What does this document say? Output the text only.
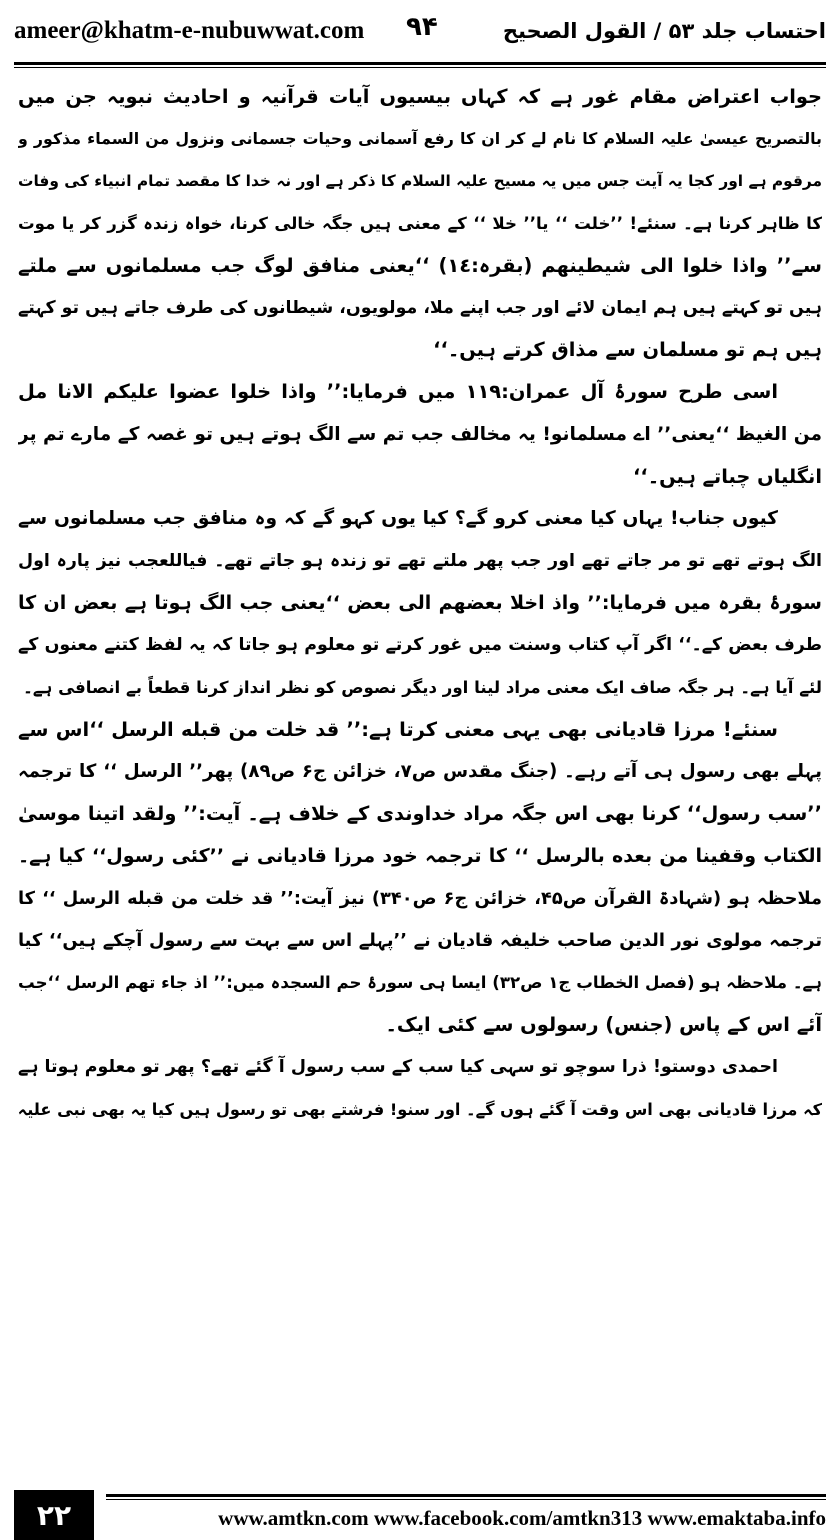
ameer@khatm-e-nubuwwat.com	احتساب جلد ۵۳ / القول الصحیح
۹۴
جواب اعتراض مقام غور ہے کہ کہاں بیسیوں آیات قرآنیہ و احادیث نبویہ جن میں
بالتصریح عیسیٰ علیہ السلام کا نام لے کر ان کا رفع آسمانی وحیات جسمانی ونزول من السماء مذکور و
مرقوم ہے اور کجا یہ آیت جس میں یہ مسیح علیہ السلام کا ذکر ہے اور نہ خدا کا مقصد تمام انبیاء کی وفات
کا ظاہر کرنا ہے۔ سنئے! ’’خلت ‘‘ یا’’ خلا ‘‘ کے معنی ہیں جگہ خالی کرنا، خواہ زندہ گزر کر یا موت
سے’’ واذا خلوا الی شیطینھم (بقرہ:۱٤) ‘‘یعنی منافق لوگ جب مسلمانوں سے ملتے
ہیں تو کہتے ہیں ہم ایمان لائے اور جب اپنے ملا، مولویوں، شیطانوں کی طرف جاتے ہیں تو کہتے
ہیں ہم تو مسلمان سے مذاق کرتے ہیں۔‘‘
اسی طرح سورۂ آل عمران:۱۱۹ میں فرمایا:’’ واذا خلوا عضوا علیکم الانا مل
من الغیظ ‘‘یعنی’’ اے مسلمانو! یہ مخالف جب تم سے الگ ہوتے ہیں تو غصہ کے مارے تم پر
انگلیاں چباتے ہیں۔‘‘
کیوں جناب! یہاں کیا معنی کرو گے؟ کیا یوں کہو گے کہ وہ منافق جب مسلمانوں سے
الگ ہوتے تھے تو مر جاتے تھے اور جب پھر ملتے تھے تو زندہ ہو جاتے تھے۔ فیاللعجب نیز پارہ اول
سورۂ بقرہ میں فرمایا:’’ واذ اخلا بعضھم الی بعض ‘‘یعنی جب الگ ہوتا ہے بعض ان کا
طرف بعض کے۔‘‘ اگر آپ کتاب وسنت میں غور کرتے تو معلوم ہو جاتا کہ یہ لفظ کتنے معنوں کے
لئے آیا ہے۔ ہر جگہ صاف ایک معنی مراد لینا اور دیگر نصوص کو نظر انداز کرنا قطعاً بے انصافی ہے۔
سنئے! مرزا قادیانی بھی یہی معنی کرتا ہے:’’ قد خلت من قبله الرسل ‘‘اس سے
پہلے بھی رسول ہی آتے رہے۔ (جنگ مقدس ص۷، خزائن ج۶ ص۸۹) پھر’’ الرسل ‘‘ کا ترجمہ
’’سب رسول‘‘ کرنا بھی اس جگہ مراد خداوندی کے خلاف ہے۔ آیت:’’ ولقد اتینا موسیٰ
الکتاب وقفینا من بعده بالرسل ‘‘ کا ترجمہ خود مرزا قادیانی نے ’’کئی رسول‘‘ کیا ہے۔
ملاحظہ ہو (شہادۃ القرآن ص۴۵، خزائن ج۶ ص۳۴۰) نیز آیت:’’ قد خلت من قبله الرسل ‘‘ کا
ترجمہ مولوی نور الدین صاحب خلیفہ قادیان نے ’’پہلے اس سے بہت سے رسول آچکے ہیں‘‘ کیا
ہے۔ ملاحظہ ہو (فصل الخطاب ج۱ ص۳۲) ایسا ہی سورۂ حم السجدہ میں:’’ اذ جاء تھم الرسل ‘‘جب
آئے اس کے پاس (جنس) رسولوں سے کئی ایک۔
احمدی دوستو! ذرا سوچو تو سہی کیا سب کے سب رسول آ گئے تھے؟ پھر تو معلوم ہوتا ہے
کہ مرزا قادیانی بھی اس وقت آ گئے ہوں گے۔ اور سنو! فرشتے بھی تو رسول ہیں کیا یہ بھی نبی علیہ
۲۲	www.amtkn.com www.facebook.com/amtkn313 www.emaktaba.info
